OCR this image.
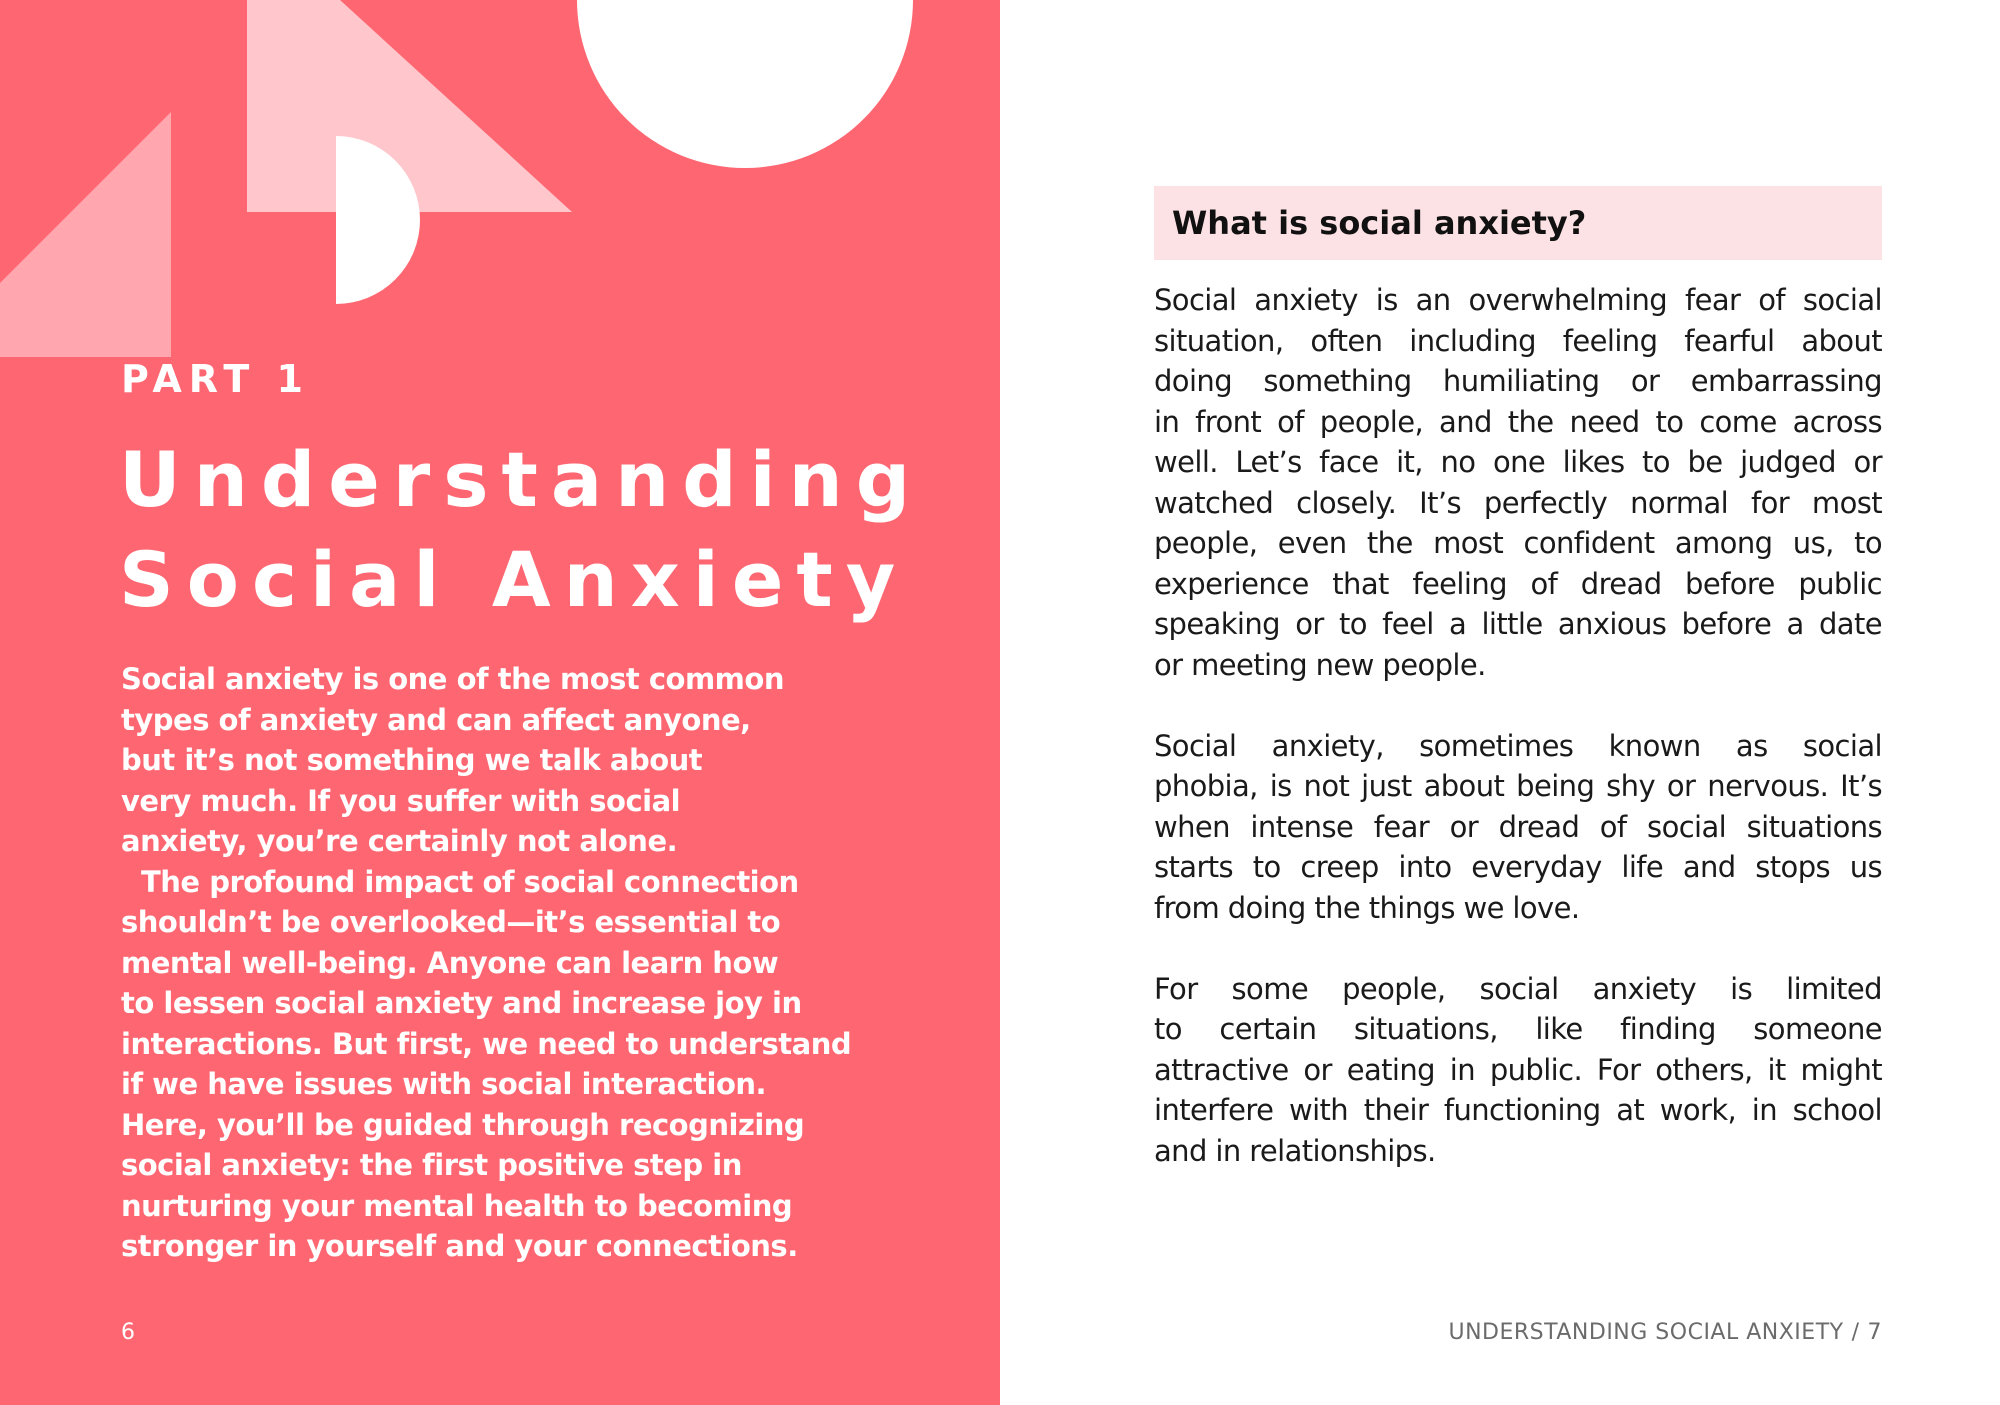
PART 1
Understanding
Social Anxiety
Social anxiety is one of the most common
types of anxiety and can affect anyone,
but it’s not something we talk about
very much. If you suffer with social
anxiety, you’re certainly not alone.
The profound impact of social connection
shouldn’t be overlooked—it’s essential to
mental well-being. Anyone can learn how
to lessen social anxiety and increase joy in
interactions. But first, we need to understand
if we have issues with social interaction.
Here, you’ll be guided through recognizing
social anxiety: the first positive step in
nurturing your mental health to becoming
stronger in yourself and your connections.
6
What is social anxiety?

Social anxiety is an overwhelming fear of social
situation, often including feeling fearful about
doing something humiliating or embarrassing
in front of people, and the need to come across
well. Let’s face it, no one likes to be judged or
watched closely. It’s perfectly normal for most
people, even the most confident among us, to
experience that feeling of dread before public
speaking or to feel a little anxious before a date
or meeting new people.

Social anxiety, sometimes known as social
phobia, is not just about being shy or nervous. It’s
when intense fear or dread of social situations
starts to creep into everyday life and stops us
from doing the things we love.

For some people, social anxiety is limited
to certain situations, like finding someone
attractive or eating in public. For others, it might
interfere with their functioning at work, in school
and in relationships.

UNDERSTANDING SOCIAL ANXIETY / 7
